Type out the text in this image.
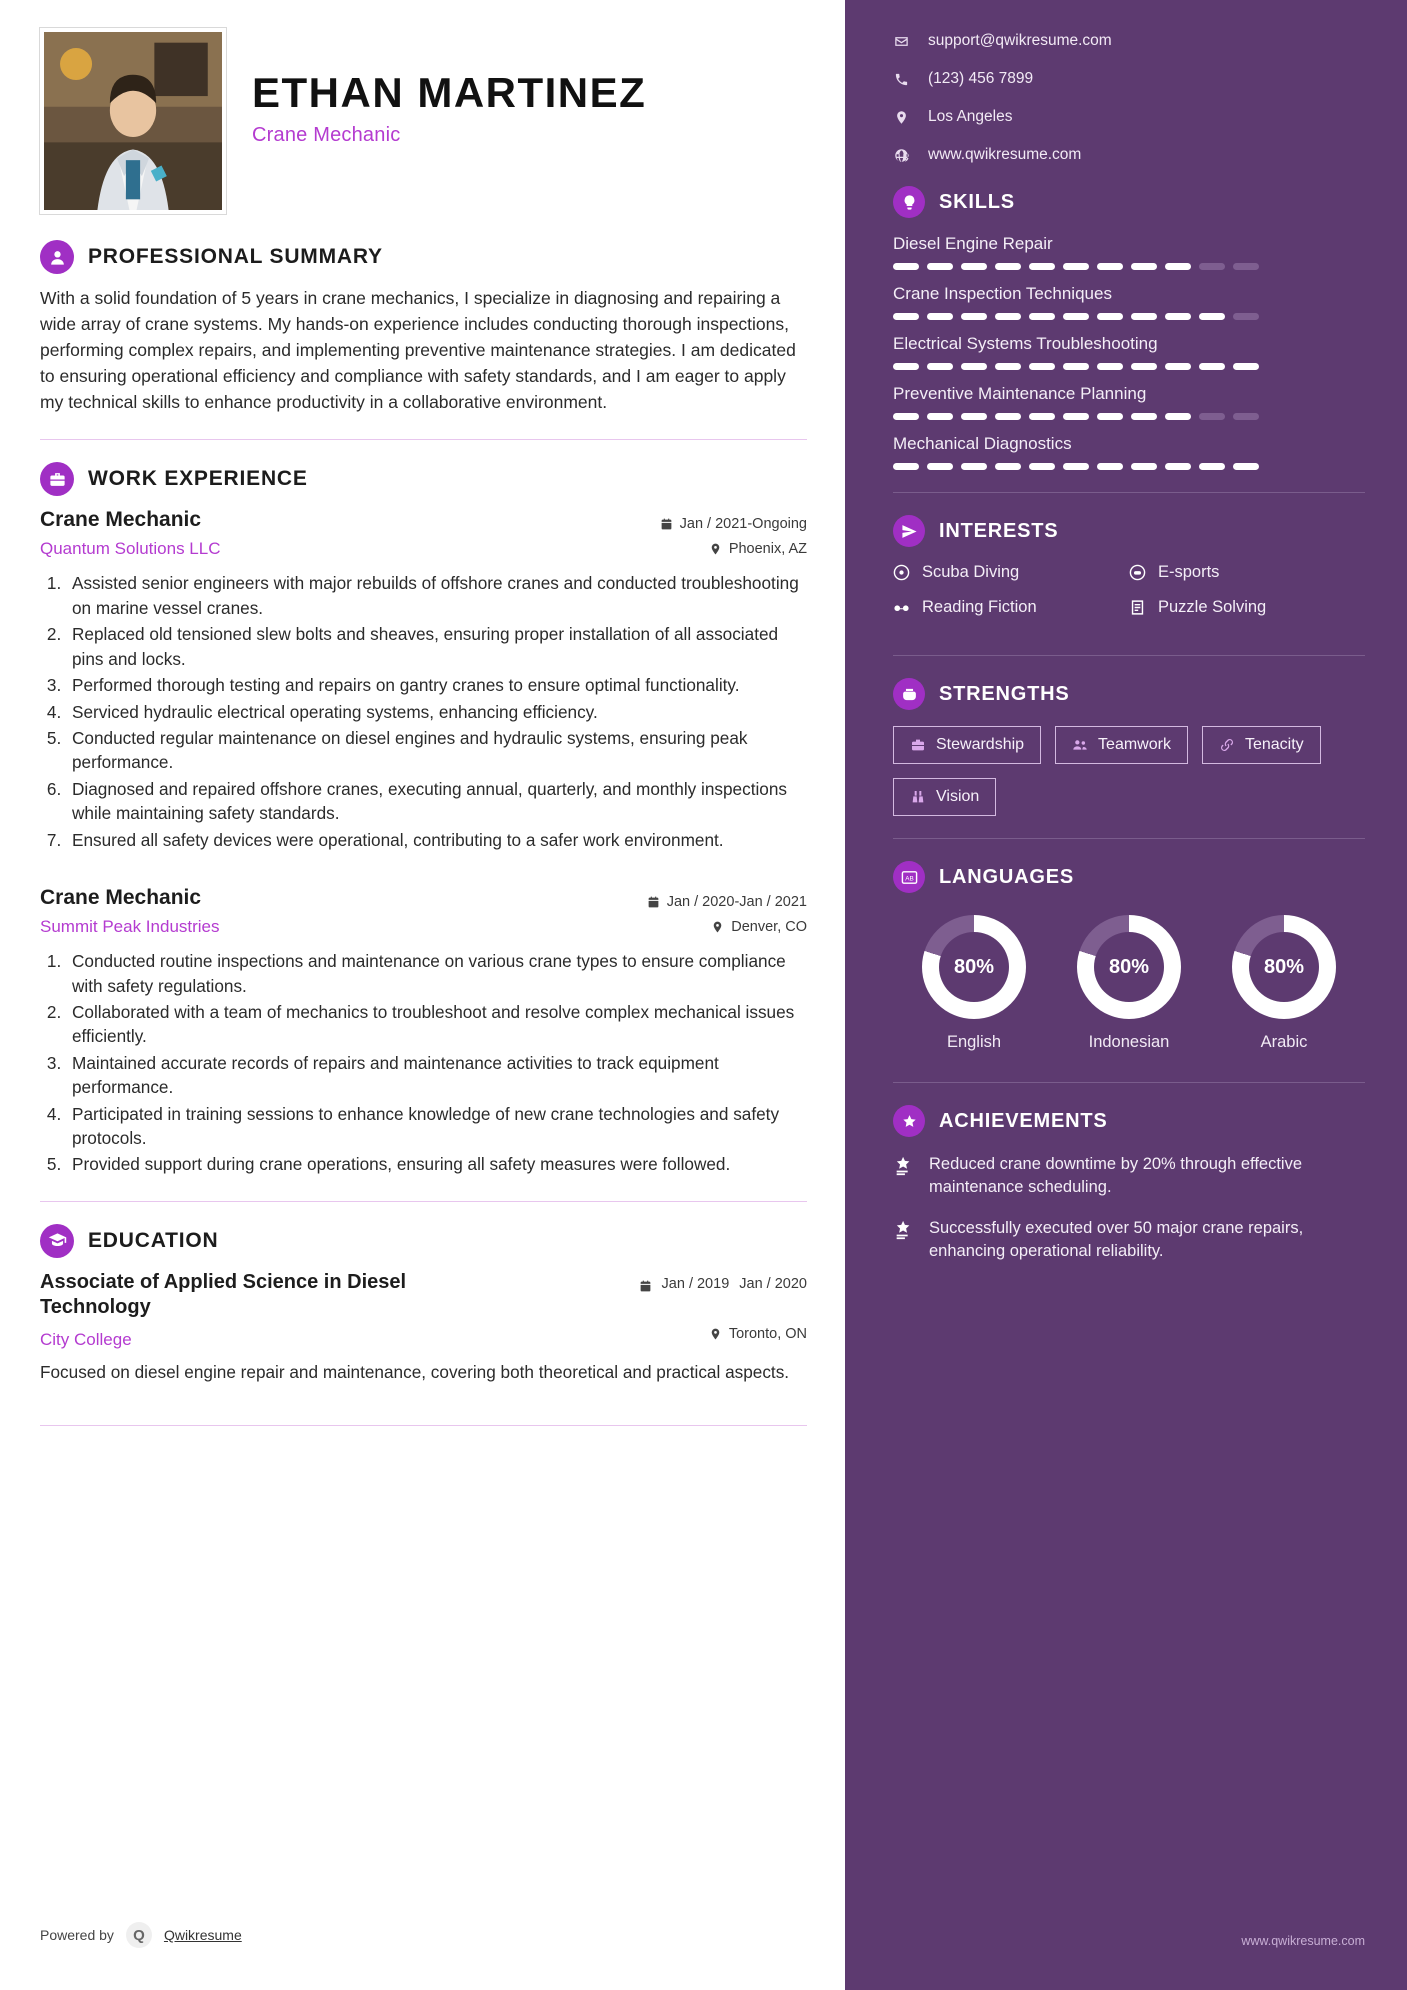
ETHAN MARTINEZ
Crane Mechanic
PROFESSIONAL SUMMARY

With a solid foundation of 5 years in crane mechanics, I specialize in diagnosing and repairing a wide array of crane systems. My hands-on experience includes conducting thorough inspections, performing complex repairs, and implementing preventive maintenance strategies. I am dedicated to ensuring operational efficiency and compliance with safety standards, and I am eager to apply my technical skills to enhance productivity in a collaborative environment.

WORK EXPERIENCE
Crane Mechanic
Quantum Solutions LLC
Jan / 2021-Ongoing
Phoenix, AZ
1. Assisted senior engineers with major rebuilds of offshore cranes and conducted troubleshooting on marine vessel cranes.
2. Replaced old tensioned slew bolts and sheaves, ensuring proper installation of all associated pins and locks.
3. Performed thorough testing and repairs on gantry cranes to ensure optimal functionality.
4. Serviced hydraulic electrical operating systems, enhancing efficiency.
5. Conducted regular maintenance on diesel engines and hydraulic systems, ensuring peak performance.
6. Diagnosed and repaired offshore cranes, executing annual, quarterly, and monthly inspections while maintaining safety standards.
7. Ensured all safety devices were operational, contributing to a safer work environment.
Crane Mechanic
Summit Peak Industries
Jan / 2020-Jan / 2021
Denver, CO
1. Conducted routine inspections and maintenance on various crane types to ensure compliance with safety regulations.
2. Collaborated with a team of mechanics to troubleshoot and resolve complex mechanical issues efficiently.
3. Maintained accurate records of repairs and maintenance activities to track equipment performance.
4. Participated in training sessions to enhance knowledge of new crane technologies and safety protocols.
5. Provided support during crane operations, ensuring all safety measures were followed.
EDUCATION
Associate of Applied Science in Diesel Technology
Jan / 2019 Jan / 2020
City College	Toronto, ON

Focused on diesel engine repair and maintenance, covering both theoretical and practical aspects.

Powered by	Q	Qwikresume
support@qwikresume.com
(123) 456 7899
Los Angeles
www.qwikresume.com
SKILLS
Diesel Engine Repair
Crane Inspection Techniques
Electrical Systems Troubleshooting
Preventive Maintenance Planning
Mechanical Diagnostics
INTERESTS
Scuba Diving	E-sports
Reading Fiction	Puzzle Solving
STRENGTHS
Stewardship	Teamwork	Tenacity
Vision
AB LANGUAGES
80%
English
80%
Indonesian
80%
Arabic
ACHIEVEMENTS
Reduced crane downtime by 20% through effective maintenance scheduling.
Successfully executed over 50 major crane repairs, enhancing operational reliability.
www.qwikresume.com
